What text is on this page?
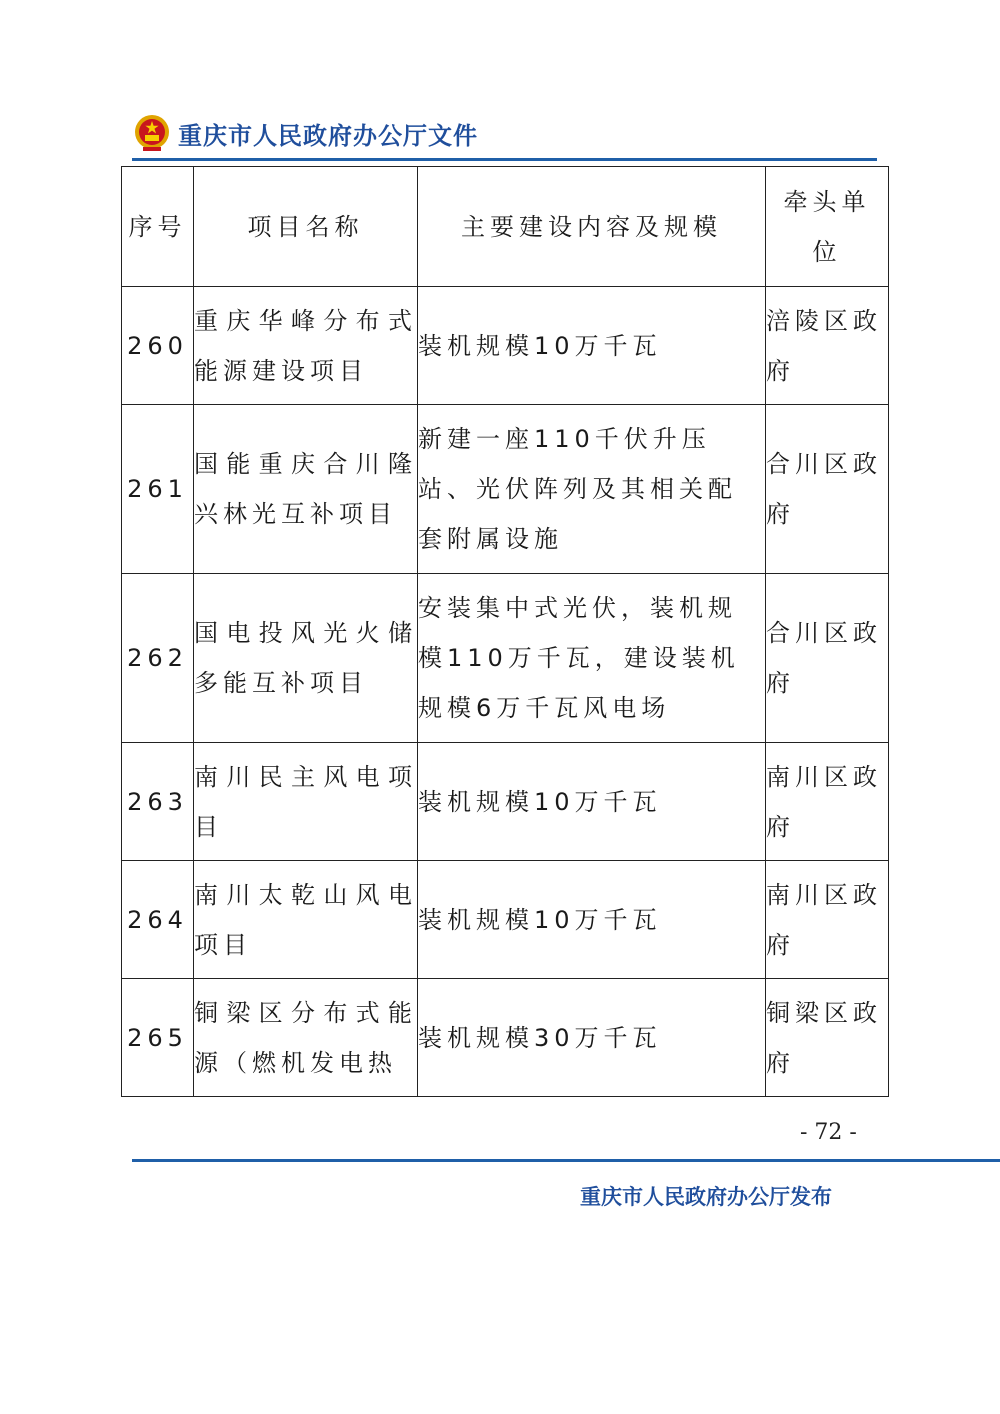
重庆市人民政府办公厅文件
序号	项目名称	主要建设内容及规模	牵头单位
260	重庆华峰分布式能源建设项目	装机规模10万千瓦	涪陵区政府
261	国能重庆合川隆兴林光互补项目	新建一座110千伏升压站、光伏阵列及其相关配套附属设施	合川区政府
262	国电投风光火储多能互补项目	安装集中式光伏，装机规模110万千瓦，建设装机规模6万千瓦风电场	合川区政府
263	南川民主风电项目	装机规模10万千瓦	南川区政府
264	南川太乾山风电项目	装机规模10万千瓦	南川区政府
265	铜梁区分布式能源（燃机发电热	装机规模30万千瓦	铜梁区政府
- 72 -
重庆市人民政府办公厅发布
